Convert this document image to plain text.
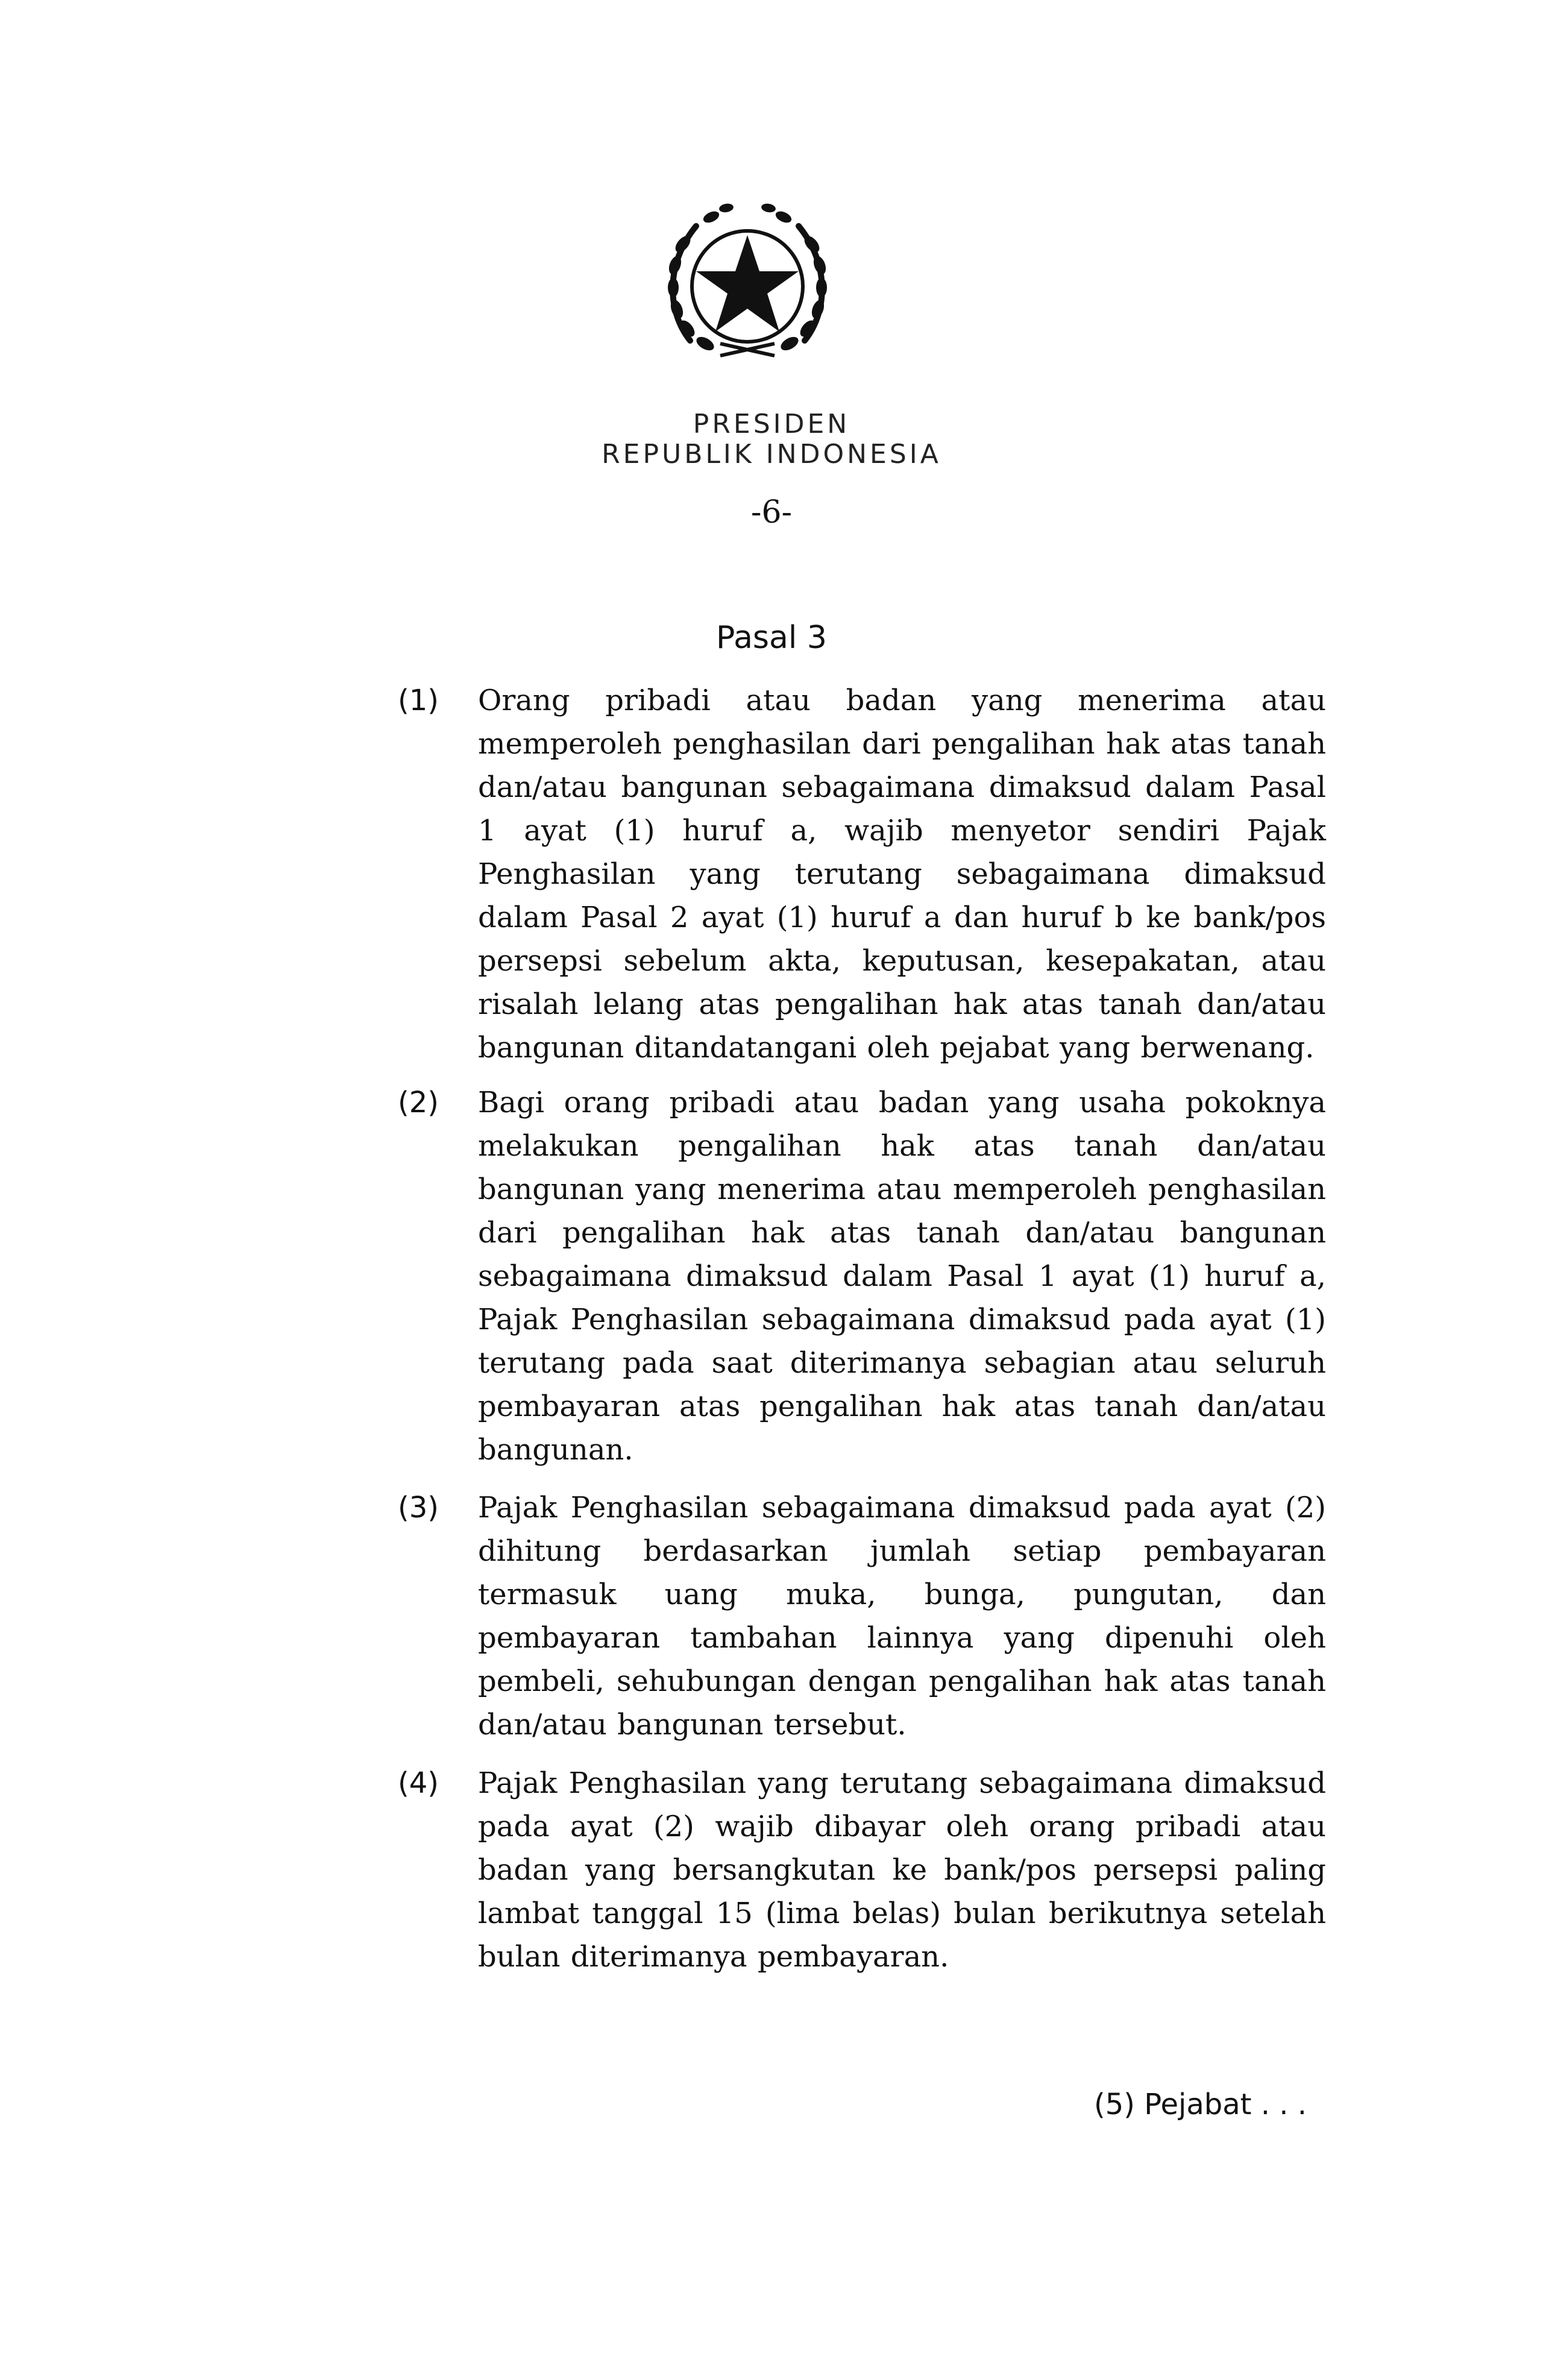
PRESIDEN
REPUBLIK INDONESIA
-6-
Pasal 3
(1) Orang pribadi atau badan yang menerima atau memperoleh penghasilan dari pengalihan hak atas tanah dan/atau bangunan sebagaimana dimaksud dalam Pasal 1 ayat (1) huruf a, wajib menyetor sendiri Pajak Penghasilan yang terutang sebagaimana dimaksud dalam Pasal 2 ayat (1) huruf a dan huruf b ke bank/pos persepsi sebelum akta, keputusan, kesepakatan, atau risalah lelang atas pengalihan hak atas tanah dan/atau bangunan ditandatangani oleh pejabat yang berwenang.
(2) Bagi orang pribadi atau badan yang usaha pokoknya melakukan pengalihan hak atas tanah dan/atau bangunan yang menerima atau memperoleh penghasilan dari pengalihan hak atas tanah dan/atau bangunan sebagaimana dimaksud dalam Pasal 1 ayat (1) huruf a, Pajak Penghasilan sebagaimana dimaksud pada ayat (1) terutang pada saat diterimanya sebagian atau seluruh pembayaran atas pengalihan hak atas tanah dan/atau bangunan.
(3) Pajak Penghasilan sebagaimana dimaksud pada ayat (2) dihitung berdasarkan jumlah setiap pembayaran termasuk uang muka, bunga, pungutan, dan pembayaran tambahan lainnya yang dipenuhi oleh pembeli, sehubungan dengan pengalihan hak atas tanah dan/atau bangunan tersebut.
(4) Pajak Penghasilan yang terutang sebagaimana dimaksud pada ayat (2) wajib dibayar oleh orang pribadi atau badan yang bersangkutan ke bank/pos persepsi paling lambat tanggal 15 (lima belas) bulan berikutnya setelah bulan diterimanya pembayaran.
(5) Pejabat . . .
